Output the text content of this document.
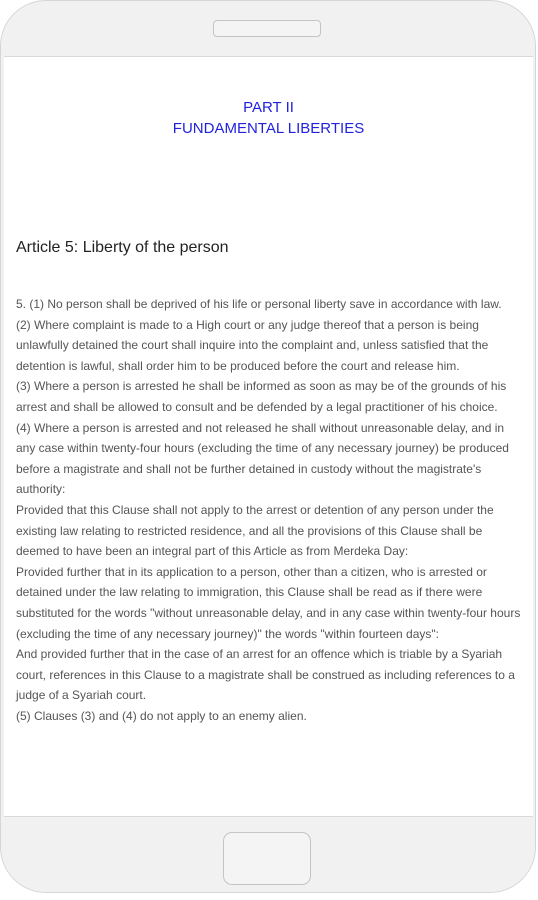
PART II
FUNDAMENTAL LIBERTIES
Article 5: Liberty of the person

5. (1) No person shall be deprived of his life or personal liberty save in accordance with law.

(2) Where complaint is made to a High court or any judge thereof that a person is being unlawfully detained the court shall inquire into the complaint and, unless satisfied that the detention is lawful, shall order him to be produced before the court and release him.

(3) Where a person is arrested he shall be informed as soon as may be of the grounds of his arrest and shall be allowed to consult and be defended by a legal practitioner of his choice.

(4) Where a person is arrested and not released he shall without unreasonable delay, and in any case within twenty-four hours (excluding the time of any necessary journey) be produced before a magistrate and shall not be further detained in custody without the magistrate's authority:

Provided that this Clause shall not apply to the arrest or detention of any person under the existing law relating to restricted residence, and all the provisions of this Clause shall be deemed to have been an integral part of this Article as from Merdeka Day:

Provided further that in its application to a person, other than a citizen, who is arrested or detained under the law relating to immigration, this Clause shall be read as if there were substituted for the words "without unreasonable delay, and in any case within twenty-four hours (excluding the time of any necessary journey)" the words "within fourteen days":

And provided further that in the case of an arrest for an offence which is triable by a Syariah court, references in this Clause to a magistrate shall be construed as including references to a judge of a Syariah court.

(5) Clauses (3) and (4) do not apply to an enemy alien.
